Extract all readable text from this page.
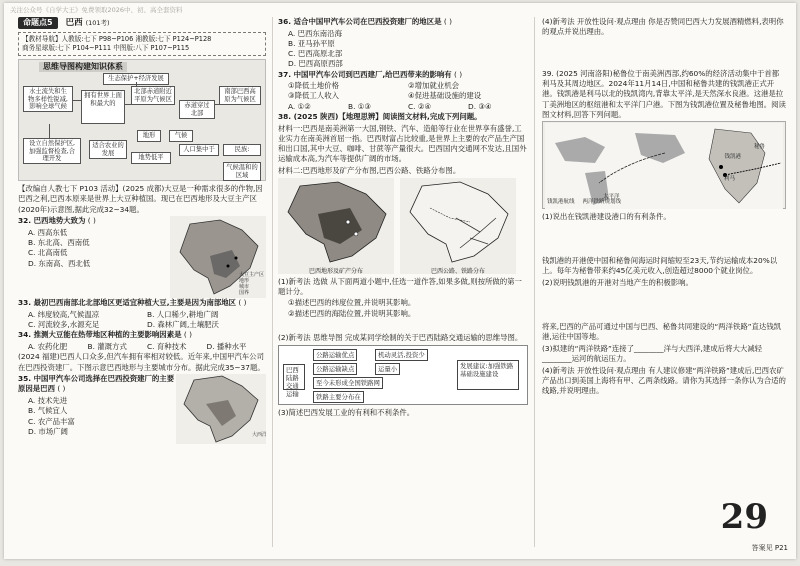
关注公众号《自学大王》免费领取2026中、初、高全套资料
命题点5	巴西 (101考)
【教材导航】人教版:七下 P98~P106 湘教版:七下 P124~P128
商务星球版:七下 P104~P111 中图版:八下 P107~P115
思维导图构建知识体系
生态保护+经济发展
水土流失和生物多样性锐减,影响全球气候
拥有世界上面积最大的
北部赤道附近平原为气候区
赤道穿过北部
南部巴西高原为气候区
地形	气候
设立自然保护区,加强监督检查,合理开发
适合农业的发展
地势低平
人口集中于	民族:
气候温和的区域
【改编自人教七下 P103 活动】(2025 成都)大豆是一种需求很多的作物,因巴西之利,巴西本原来是世界上大豆种植国。现已在巴西地形及大豆主产区(2020年)示意图,据此完成32~34题。
32. 巴西地势大致为 ( )
A. 西高东低
B. 东北高、西南低
C. 北高南低
D. 东南高、西北低
大豆主产区
地形
城市
国界
33. 最初巴西南部北北部地区更适宜种植大豆,主要是因为南部地区 ( )
A. 纬度较高,气候温凉	B. 人口稀少,耕地广阔
C. 河流较多,水源充足	D. 森林广阔,土壤肥沃
34. 推测大豆能在热带地区种植的主要影响因素是 ( )
A. 农药化肥	B. 灌溉方式	C. 育种技术	D. 播种水平
(2024 福建)巴西人口众多,但汽车拥有率相对较低。近年来,中国甲汽车公司在巴西投资建厂。下图示意巴西地形与主要城市分布。据此完成35~37题。
35. 中国甲汽车公司选择在巴西投资建厂的主要原因是巴西 ( )
A. 技术先进
B. 气候宜人
C. 农产品丰富
D. 市场广阔	大西洋
36. 适合中国甲汽车公司在巴西投资建厂的地区是 ( )
A. 巴西东南沿海
B. 亚马孙平原
C. 巴西高原北部
D. 巴西高原西部
37. 中国甲汽车公司到巴西建厂,给巴西带来的影响有 ( )
①降低土地价格	②增加就业机会
③降低工人收入	④促进基础设施的建设
A. ①②	B. ①③	C. ②④	D. ③④
38. (2025 陕西)【地理思辨】阅读图文材料,完成下列问题。
材料一:巴西是南美洲第一大国,钢铁、汽车、造船等行业在世界享有盛誉,工业实力在南美洲首屈一指。巴西财富占比较重,是世界上主要的农产品生产国和出口国,其中大豆、咖啡、甘蔗等产量很大。巴西国内交通网不发达,且国外运输成本高,为汽车等提供广阔的市场。
材料二:巴西地形及矿产分布图,巴西公路、铁路分布图。
巴西地形及矿产分布	巴西公路、铁路分布
(1)新考法 选做 从下面两道小题中,任选一道作答,如果多做,则按所做的第一题计分。
①描述巴西的纬度位置,并说明其影响。
②描述巴西的海陆位置,并说明其影响。
(2)新考法 思维导图 完成某同学绘制的关于巴西陆路交通运输的思维导图。
巴西陆路交通运输
公路运输优点	机动灵活,投资少
公路运输缺点	运量小
至今未形成全国铁路网
铁路主要分布在
发展建议:加强铁路基础设施建设
(3)简述巴西发展工业的有利和不利条件。
(4)新考法 开放性设问·观点理由 你是否赞同巴西大力发展酒精燃料,表明你的观点并说出理由。
39. (2025 河南洛阳)秘鲁位于南美洲西部,约60%的经济活动集中于首都利马及其周边地区。2024年11月14日,中国和秘鲁共建的钱凯港正式开港。钱凯港是利马以北的钱凯湾内,背靠太平洋,是天然深水良港。这港是拉丁美洲地区的枢纽港和太平洋门户港。下图为钱凯港位置及秘鲁地图。阅读图文材料,回答下列问题。
钱凯港
利马
秘鲁
太平洋
钱凯港航线 两洋铁路规划线
(1)说出在钱凯港建设港口的有利条件。
钱凯港的开港使中国和秘鲁间海运时间缩短至23天,节约运输成本20%以上。每年为秘鲁带来约45亿美元收入,创造超过8000个就业岗位。
(2)说明钱凯港的开港对当地产生的积极影响。
将来,巴西的产品可通过中国与巴西、秘鲁共同建设的“两洋铁路”直达钱凯港,运往中国等地。
(3)拟建的“两洋铁路”连接了________洋与大西洋,建成后将大大减轻________运河的航运压力。
(4)新考法 开放性设问·观点理由 有人建议修建“两洋铁路”建成后,巴西农矿产品出口到美国上海将有甲、乙两条线路。请你为其选择一条你认为合适的线路,并说明理由。
29
答案见 P21
